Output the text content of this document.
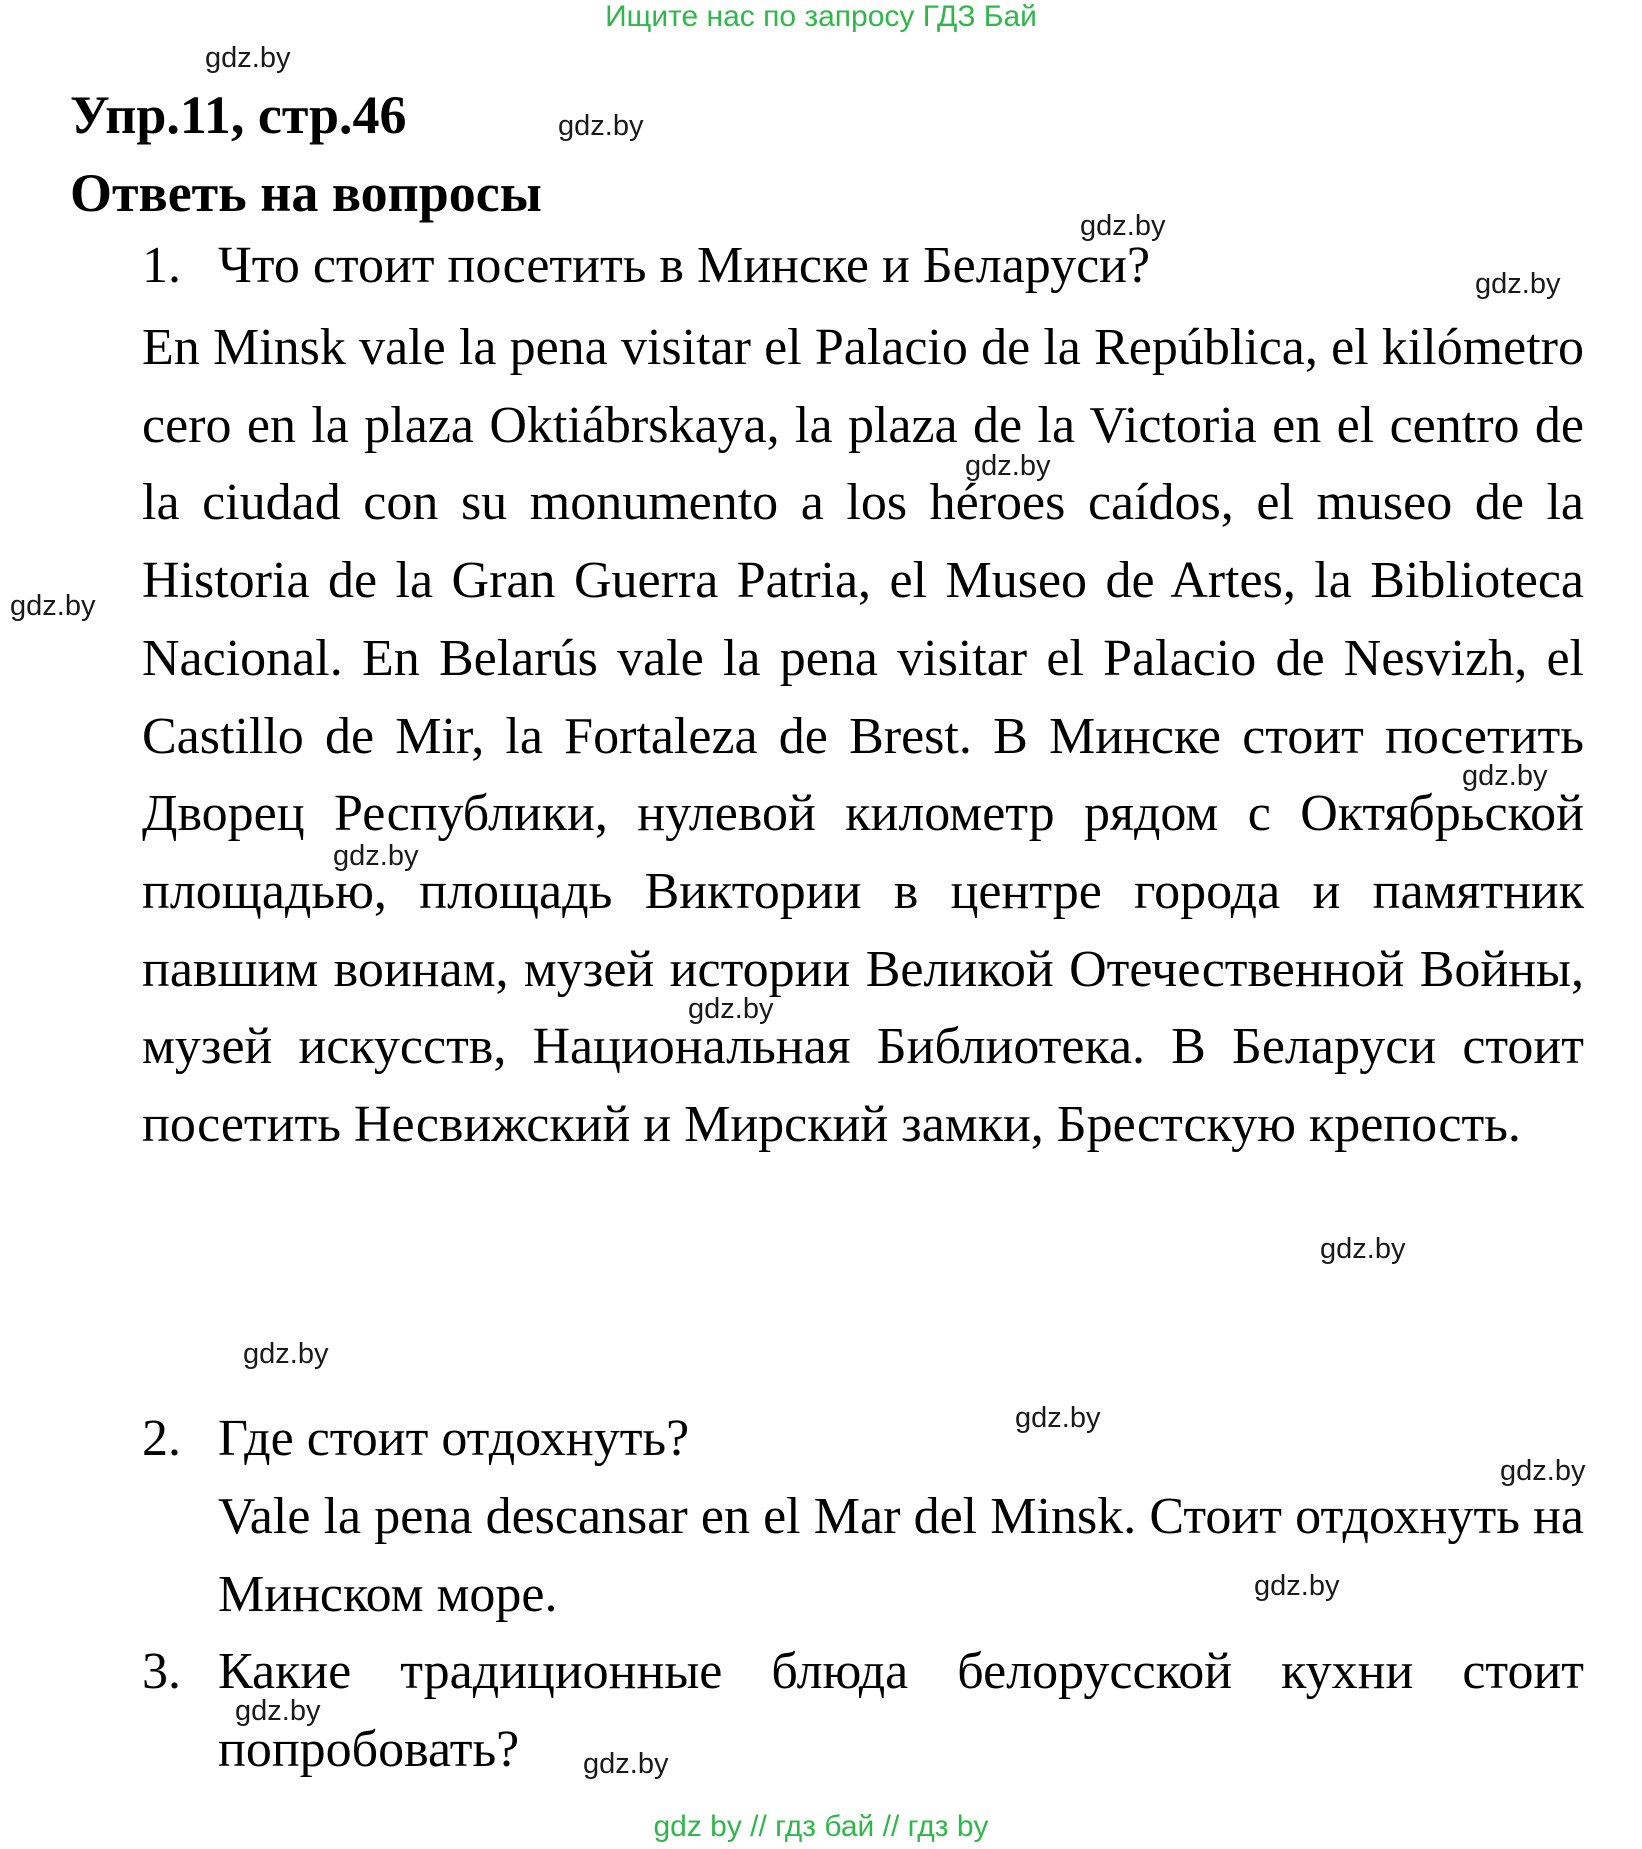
Ищите нас по запросу ГДЗ Бай
Упр.11, стр.46
Ответь на вопросы
1. Что стоит посетить в Минске и Беларуси?

En Minsk vale la pena visitar el Palacio de la República, el kilómetro cero en la plaza Oktiábrskaya, la plaza de la Victoria en el centro de la ciudad con su monumento a los héroes caídos, el museo de la Historia de la Gran Guerra Patria, el Museo de Artes, la Biblioteca Nacional. En Belarús vale la pena visitar el Palacio de Nesvizh, el Castillo de Mir, la Fortaleza de Brest. В Минске стоит посетить Дворец Республики, нулевой километр рядом с Октябрьской площадью, площадь Виктории в центре города и памятник павшим воинам, музей истории Великой Отечественной Войны, музей искусств, Национальная Библиотека. В Беларуси стоит посетить Несвижский и Мирский замки, Брестскую крепость.

2. Где стоит отдохнуть?

Vale la pena descansar en el Mar del Minsk. Стоит отдохнуть на Минском море.

3. Какие традиционные блюда белорусской кухни стоит
попробовать?
gdz.by
gdz.by
gdz.by
gdz.by
gdz.by
gdz.by
gdz.by
gdz.by
gdz.by
gdz.by
gdz.by
gdz.by
gdz.by
gdz.by
gdz.by
gdz.by
gdz by // гдз бай // гдз by
